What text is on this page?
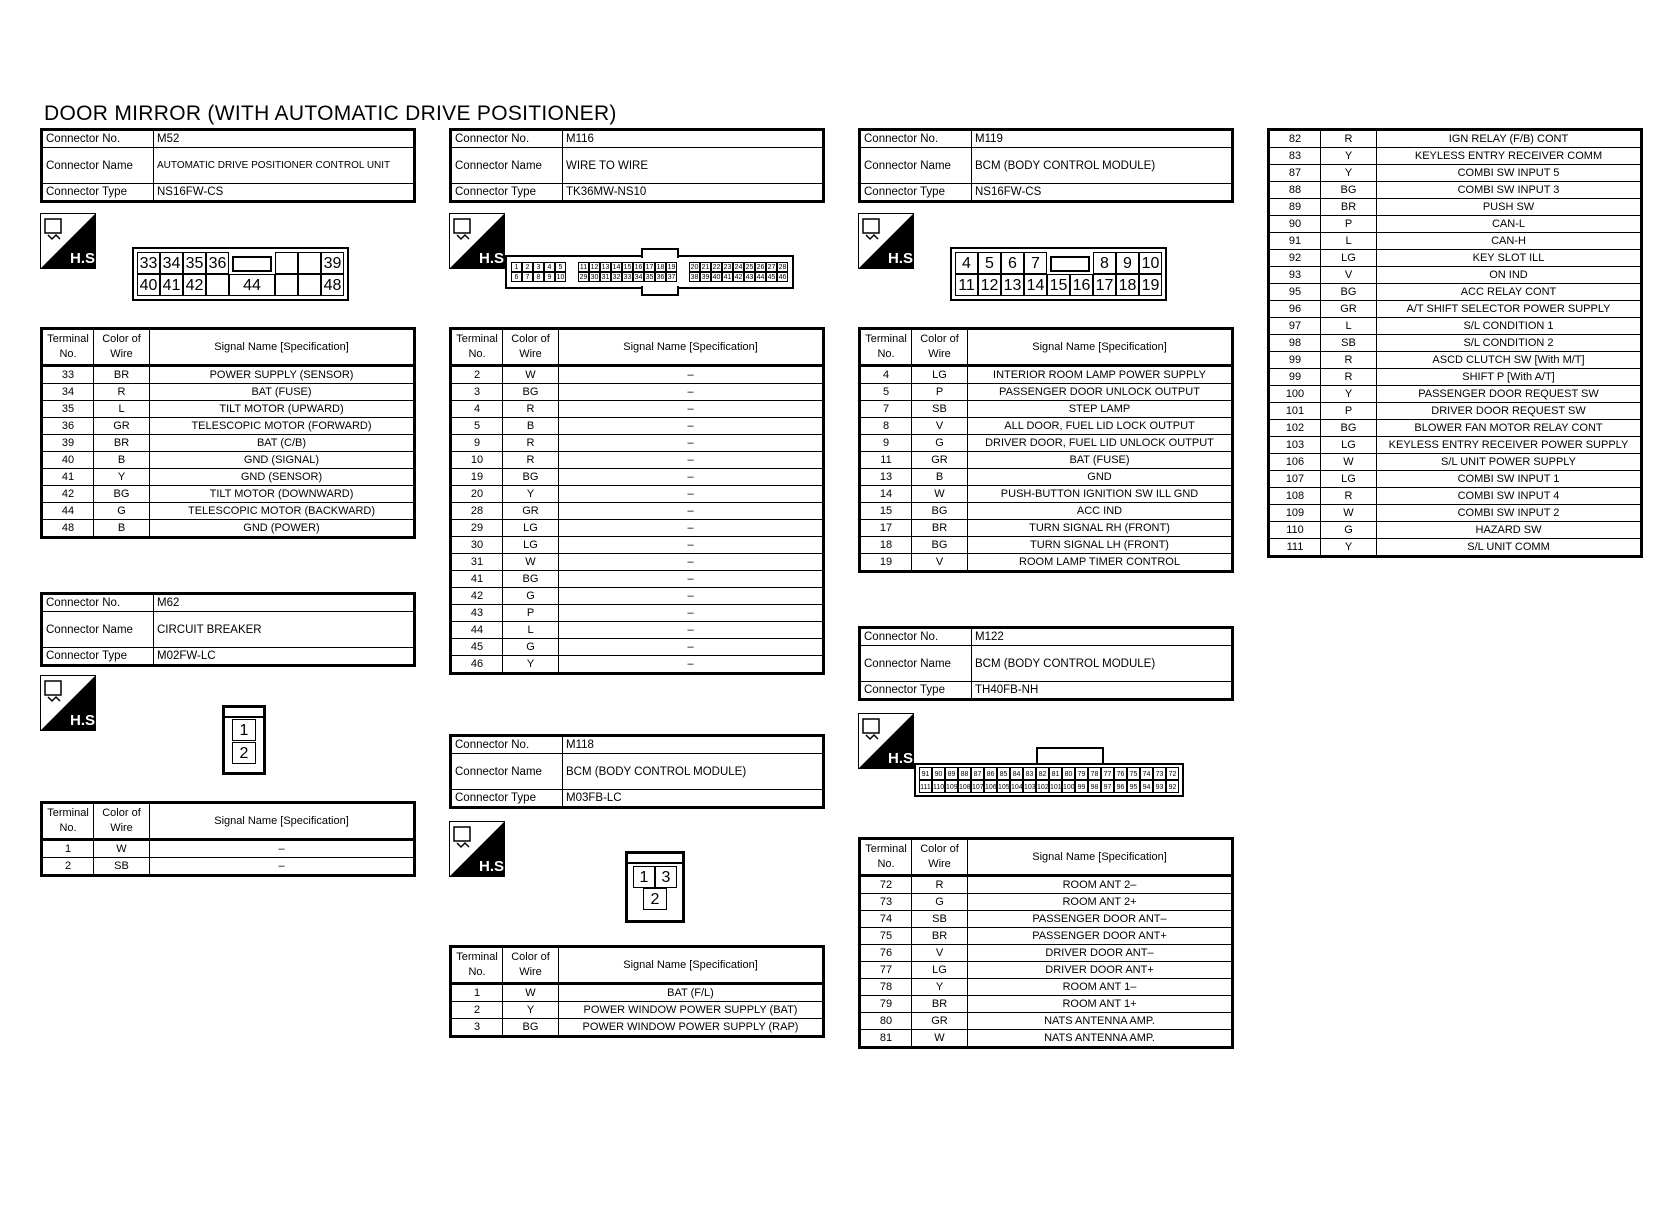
DOOR MIRROR (WITH AUTOMATIC DRIVE POSITIONER)
Connector No.	M52
Connector Name	AUTOMATIC DRIVE POSITIONER CONTROL UNIT
Connector Type	NS16FW-CS
H.S.	33 34 35 36	39
40 41 42	44	48
Terminal No.	Color of Wire	Signal Name [Specification]
33	BR	POWER SUPPLY (SENSOR)
34	R	BAT (FUSE)
35	L	TILT MOTOR (UPWARD)
36	GR	TELESCOPIC MOTOR (FORWARD)
39	BR	BAT (C/B)
40	B	GND (SIGNAL)
41	Y	GND (SENSOR)
42	BG	TILT MOTOR (DOWNWARD)
44	G	TELESCOPIC MOTOR (BACKWARD)
48	B	GND (POWER)
Connector No.	M62
Connector Name	CIRCUIT BREAKER
Connector Type	M02FW-LC
H.S.
1
2
Terminal No.	Color of Wire	Signal Name [Specification]
1	W	–
2	SB	–
Connector No.	M116
Connector Name	WIRE TO WIRE
Connector Type	TK36MW-NS10
H.S.
1	2	3	4	5
6	7	8	9 10
11 12 13 14 15 16 17 18 19
29 30 31 32 33 34 35 36 37
20 21 22 23 24 25 26 27 28
38 39 40 41 42 43 44 45 46
Terminal No.	Color of Wire	Signal Name [Specification]
2	W	–
3	BG	–
4	R	–
5	B	–
9	R	–
10	R	–
19	BG	–
20	Y	–
28	GR	–
29	LG	–
30	LG	–
31	W	–
41	BG	–
42	G	–
43	P	–
44	L	–
45	G	–
46	Y	–
Connector No.	M118
Connector Name	BCM (BODY CONTROL MODULE)
Connector Type	M03FB-LC
H.S.
1 3
2
Terminal No.	Color of Wire	Signal Name [Specification]
1	W	BAT (F/L)
2	Y	POWER WINDOW POWER SUPPLY (BAT)
3	BG	POWER WINDOW POWER SUPPLY (RAP)
Connector No.	M119
Connector Name	BCM (BODY CONTROL MODULE)
Connector Type	NS16FW-CS
H.S.	4 5 6 7	8 9 10
11 12 13 14 15 16 17 18 19
Terminal No.	Color of Wire	Signal Name [Specification]
4	LG	INTERIOR ROOM LAMP POWER SUPPLY
5	P	PASSENGER DOOR UNLOCK OUTPUT
7	SB	STEP LAMP
8	V	ALL DOOR, FUEL LID LOCK OUTPUT
9	G	DRIVER DOOR, FUEL LID UNLOCK OUTPUT
11	GR	BAT (FUSE)
13	B	GND
14	W	PUSH-BUTTON IGNITION SW ILL GND
15	BG	ACC IND
17	BR	TURN SIGNAL RH (FRONT)
18	BG	TURN SIGNAL LH (FRONT)
19	V	ROOM LAMP TIMER CONTROL
Connector No.	M122
Connector Name	BCM (BODY CONTROL MODULE)
Connector Type	TH40FB-NH
H.S.
91 90 89 88 87 86 85 84 83 82 81 80 79 78 77 76 75 74 73 72
111 110 109 108 107 106 105 104 103 102 101 100 99 98 97 96 95 94 93 92
Terminal No.	Color of Wire	Signal Name [Specification]
72	R	ROOM ANT 2–
73	G	ROOM ANT 2+
74	SB	PASSENGER DOOR ANT–
75	BR	PASSENGER DOOR ANT+
76	V	DRIVER DOOR ANT–
77	LG	DRIVER DOOR ANT+
78	Y	ROOM ANT 1–
79	BR	ROOM ANT 1+
80	GR	NATS ANTENNA AMP.
81	W	NATS ANTENNA AMP.
82	R	IGN RELAY (F/B) CONT
83	Y	KEYLESS ENTRY RECEIVER COMM
87	Y	COMBI SW INPUT 5
88	BG	COMBI SW INPUT 3
89	BR	PUSH SW
90	P	CAN-L
91	L	CAN-H
92	LG	KEY SLOT ILL
93	V	ON IND
95	BG	ACC RELAY CONT
96	GR	A/T SHIFT SELECTOR POWER SUPPLY
97	L	S/L CONDITION 1
98	SB	S/L CONDITION 2
99	R	ASCD CLUTCH SW [With M/T]
99	R	SHIFT P [With A/T]
100	Y	PASSENGER DOOR REQUEST SW
101	P	DRIVER DOOR REQUEST SW
102	BG	BLOWER FAN MOTOR RELAY CONT
103	LG	KEYLESS ENTRY RECEIVER POWER SUPPLY
106	W	S/L UNIT POWER SUPPLY
107	LG	COMBI SW INPUT 1
108	R	COMBI SW INPUT 4
109	W	COMBI SW INPUT 2
110	G	HAZARD SW
111	Y	S/L UNIT COMM
